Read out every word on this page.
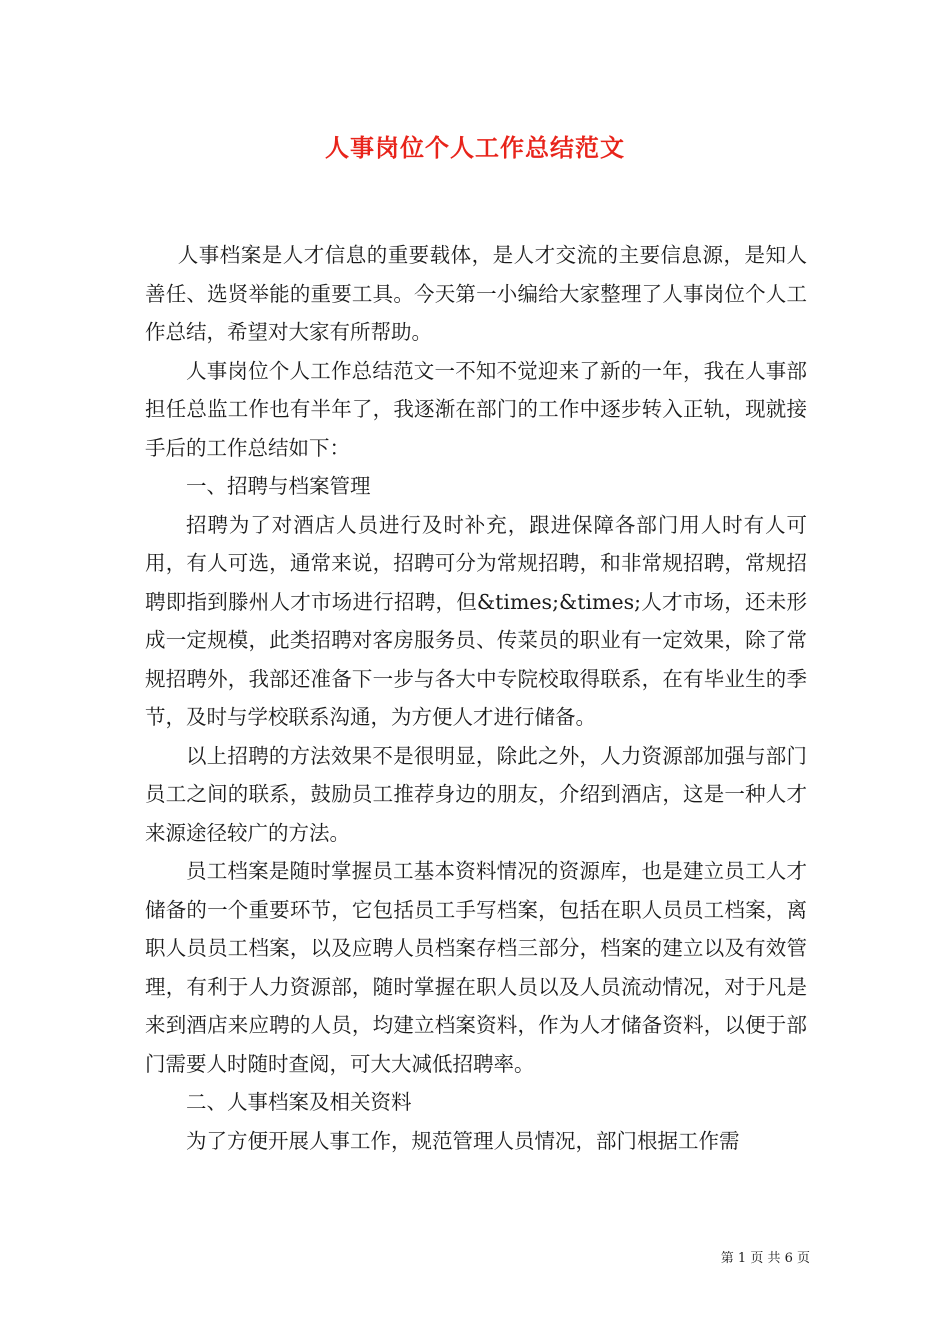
人事岗位个人工作总结范文

人事档案是人才信息的重要载体，是人才交流的主要信息源，是知人善任、选贤举能的重要工具。今天第一小编给大家整理了人事岗位个人工作总结，希望对大家有所帮助。

人事岗位个人工作总结范文一不知不觉迎来了新的一年，我在人事部担任总监工作也有半年了，我逐渐在部门的工作中逐步转入正轨，现就接手后的工作总结如下：

一、招聘与档案管理

招聘为了对酒店人员进行及时补充，跟进保障各部门用人时有人可用，有人可选，通常来说，招聘可分为常规招聘，和非常规招聘，常规招聘即指到滕州人才市场进行招聘，但&times;&times;人才市场，还未形成一定规模，此类招聘对客房服务员、传菜员的职业有一定效果，除了常规招聘外，我部还准备下一步与各大中专院校取得联系，在有毕业生的季节，及时与学校联系沟通，为方便人才进行储备。

以上招聘的方法效果不是很明显，除此之外，人力资源部加强与部门员工之间的联系，鼓励员工推荐身边的朋友，介绍到酒店，这是一种人才来源途径较广的方法。

员工档案是随时掌握员工基本资料情况的资源库，也是建立员工人才储备的一个重要环节，它包括员工手写档案，包括在职人员员工档案，离职人员员工档案，以及应聘人员档案存档三部分，档案的建立以及有效管理，有利于人力资源部，随时掌握在职人员以及人员流动情况，对于凡是来到酒店来应聘的人员，均建立档案资料，作为人才储备资料，以便于部门需要人时随时查阅，可大大减低招聘率。

二、人事档案及相关资料

为了方便开展人事工作，规范管理人员情况，部门根据工作需

第 1 页 共 6 页
